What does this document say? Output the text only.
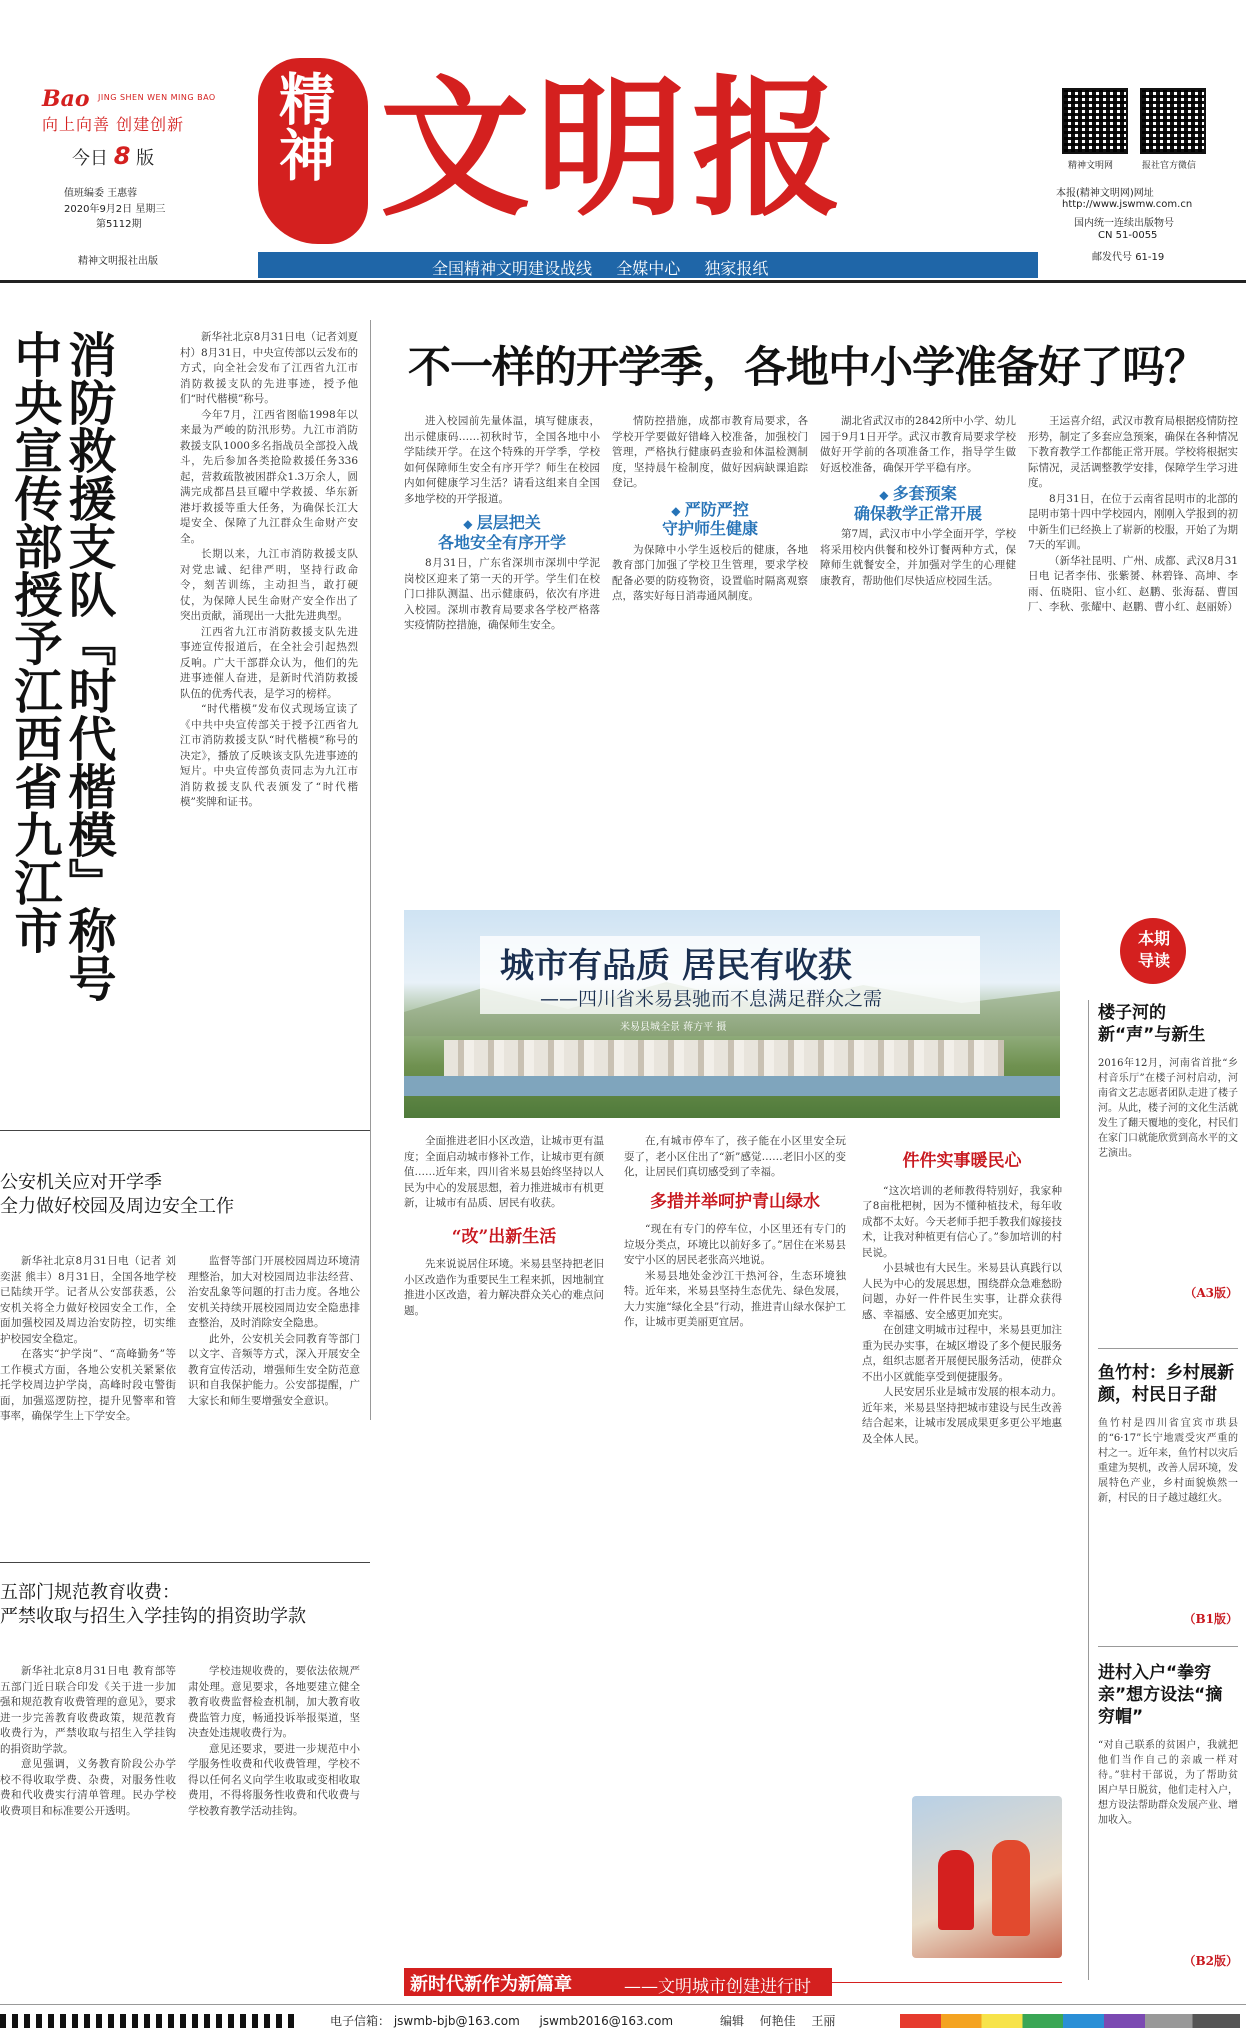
Bao JING SHEN WEN MING BAO
向上向善 创建创新
今日 8 版
值班编委 王惠蓉
2020年9月2日 星期三
第5112期
精神文明报社出版
精神 文明报	精神文明网	报社官方微信
本报(精神文明网)网址
http://www.jswmw.com.cn
国内统一连续出版物号
CN 51-0055
邮发代号 61-19
全国精神文明建设战线 全媒中心 独家报纸
消防救援支队『时代楷模』称号
中央宣传部授予江西省九江市	新华社北京8月31日电（记者刘夏村）8月31日，中央宣传部以云发布的方式，向全社会发布了江西省九江市消防救援支队的先进事迹，授予他们“时代楷模”称号。

今年7月，江西省图临1998年以来最为严峻的防汛形势。九江市消防救援支队1000多名指战员全部投入战斗，先后参加各类抢险救援任务336起，营救疏散被困群众1.3万余人，圆满完成都昌县亘曜中学救援、华东新港圩救援等重大任务，为确保长江大堤安全、保障了九江群众生命财产安全。

长期以来，九江市消防救援支队对党忠诚、纪律严明，坚持行政命令，刻苦训练，主动担当，敢打硬仗，为保障人民生命财产安全作出了突出贡献，涌现出一大批先进典型。

江西省九江市消防救援支队先进事迹宣传报道后，在全社会引起热烈反响。广大干部群众认为，他们的先进事迹催人奋进，是新时代消防救援队伍的优秀代表，是学习的榜样。

“时代楷模”发布仪式现场宣读了《中共中央宣传部关于授予江西省九江市消防救援支队“时代楷模”称号的决定》，播放了反映该支队先进事迹的短片。中央宣传部负责同志为九江市消防救援支队代表颁发了“时代楷模”奖牌和证书。

不一样的开学季，各地中小学准备好了吗？

进入校园前先量体温，填写健康表，出示健康码……初秋时节，全国各地中小学陆续开学。在这个特殊的开学季，学校如何保障师生安全有序开学？师生在校园内如何健康学习生活？请看这组来自全国多地学校的开学报道。

◆ 层层把关
各地安全有序开学

8月31日，广东省深圳市深圳中学泥岗校区迎来了第一天的开学。学生们在校门口排队测温、出示健康码，依次有序进入校园。深圳市教育局要求各学校严格落实疫情防控措施，确保师生安全。

情防控措施，成都市教育局要求，各学校开学要做好错峰入校准备，加强校门管理，严格执行健康码查验和体温检测制度，坚持晨午检制度，做好因病缺课追踪登记。

◆ 严防严控
守护师生健康

为保障中小学生返校后的健康，各地教育部门加强了学校卫生管理，要求学校配备必要的防疫物资，设置临时隔离观察点，落实好每日消毒通风制度。

湖北省武汉市的2842所中小学、幼儿园于9月1日开学。武汉市教育局要求学校做好开学前的各项准备工作，指导学生做好返校准备，确保开学平稳有序。

◆ 多套预案
确保教学正常开展

第7周，武汉市中小学全面开学，学校将采用校内供餐和校外订餐两种方式，保障师生就餐安全，并加强对学生的心理健康教育，帮助他们尽快适应校园生活。

王运喜介绍，武汉市教育局根据疫情防控形势，制定了多套应急预案，确保在各种情况下教育教学工作都能正常开展。学校将根据实际情况，灵活调整教学安排，保障学生学习进度。

8月31日，在位于云南省昆明市的北部的昆明市第十四中学校园内，刚刚入学报到的初中新生们已经换上了崭新的校服，开始了为期7天的军训。

（新华社昆明、广州、成都、武汉8月31日电 记者李伟、张紫赟、林碧锋、高坤、李雨、伍晓阳、宦小红、赵鹏、张海磊、曹国厂、李秋、张耀中、赵鹏、曹小红、赵丽娇）

城市有品质 居民有收获
——四川省米易县驰而不息满足群众之需
米易县城全景 蒋方平 摄
本期
导读
楼子河的新“声”与新生
2016年12月，河南省首批“乡村音乐厅”在楼子河村启动，河南省文艺志愿者团队走进了楼子河。从此，楼子河的文化生活就发生了翻天覆地的变化，村民们在家门口就能欣赏到高水平的文艺演出。
（A3版）
鱼竹村：乡村展新颜，村民日子甜
鱼竹村是四川省宜宾市珙县的“6·17”长宁地震受灾严重的村之一。近年来，鱼竹村以灾后重建为契机，改善人居环境，发展特色产业，乡村面貌焕然一新，村民的日子越过越红火。
（B1版）
进村入户“拳穷亲”想方设法“摘穷帽”
“对自己联系的贫困户，我就把他们当作自己的亲戚一样对待。”驻村干部说，为了帮助贫困户早日脱贫，他们走村入户，想方设法帮助群众发展产业、增加收入。
（B2版）

全面推进老旧小区改造，让城市更有温度；全面启动城市修补工作，让城市更有颜值……近年来，四川省米易县始终坚持以人民为中心的发展思想，着力推进城市有机更新，让城市有品质、居民有收获。

“改”出新生活

先来说说居住环境。米易县坚持把老旧小区改造作为重要民生工程来抓，因地制宜推进小区改造，着力解决群众关心的难点问题。

在,有城市停车了，孩子能在小区里安全玩耍了，老小区住出了“新”感觉……老旧小区的变化，让居民们真切感受到了幸福。

多措并举呵护青山绿水

“现在有专门的停车位，小区里还有专门的垃圾分类点，环境比以前好多了。”居住在米易县安宁小区的居民老张高兴地说。

米易县地处金沙江干热河谷，生态环境独特。近年来，米易县坚持生态优先、绿色发展，大力实施“绿化全县”行动，推进青山绿水保护工作，让城市更美丽更宜居。

件件实事暖民心

“这次培训的老师教得特别好，我家种了8亩枇杷树，因为不懂种植技术，每年收成都不太好。今天老师手把手教我们嫁接技术，让我对种植更有信心了。”参加培训的村民说。

小县城也有大民生。米易县认真践行以人民为中心的发展思想，围绕群众急难愁盼问题，办好一件件民生实事，让群众获得感、幸福感、安全感更加充实。

在创建文明城市过程中，米易县更加注重为民办实事，在城区增设了多个便民服务点，组织志愿者开展便民服务活动，使群众不出小区就能享受到便捷服务。

人民安居乐业是城市发展的根本动力。近年来，米易县坚持把城市建设与民生改善结合起来，让城市发展成果更多更公平地惠及全体人民。

新时代新作为新篇章	——文明城市创建进行时
公安机关应对开学季
全力做好校园及周边安全工作

新华社北京8月31日电（记者 刘奕湛 熊丰）8月31日，全国各地学校已陆续开学。记者从公安部获悉，公安机关将全力做好校园安全工作，全面加强校园及周边治安防控，切实维护校园安全稳定。

在落实“护学岗”、“高峰勤务”等工作模式方面，各地公安机关紧紧依托学校周边护学岗，高峰时段屯警街面，加强巡逻防控，提升见警率和管事率，确保学生上下学安全。

监督等部门开展校园周边环境清理整治，加大对校园周边非法经营、治安乱象等问题的打击力度。各地公安机关持续开展校园周边安全隐患排查整治，及时消除安全隐患。

此外，公安机关会同教育等部门以文字、音频等方式，深入开展安全教育宣传活动，增强师生安全防范意识和自我保护能力。公安部提醒，广大家长和师生要增强安全意识。

五部门规范教育收费：
严禁收取与招生入学挂钩的捐资助学款

新华社北京8月31日电 教育部等五部门近日联合印发《关于进一步加强和规范教育收费管理的意见》，要求进一步完善教育收费政策，规范教育收费行为，严禁收取与招生入学挂钩的捐资助学款。

意见强调，义务教育阶段公办学校不得收取学费、杂费，对服务性收费和代收费实行清单管理。民办学校收费项目和标准要公开透明。

学校违规收费的，要依法依规严肃处理。意见要求，各地要建立健全教育收费监督检查机制，加大教育收费监管力度，畅通投诉举报渠道，坚决查处违规收费行为。

意见还要求，要进一步规范中小学服务性收费和代收费管理，学校不得以任何名义向学生收取或变相收取费用，不得将服务性收费和代收费与学校教育教学活动挂钩。

电子信箱： jswmb-bjb@163.com jswmb2016@163.com	编辑 何艳佳 王丽
